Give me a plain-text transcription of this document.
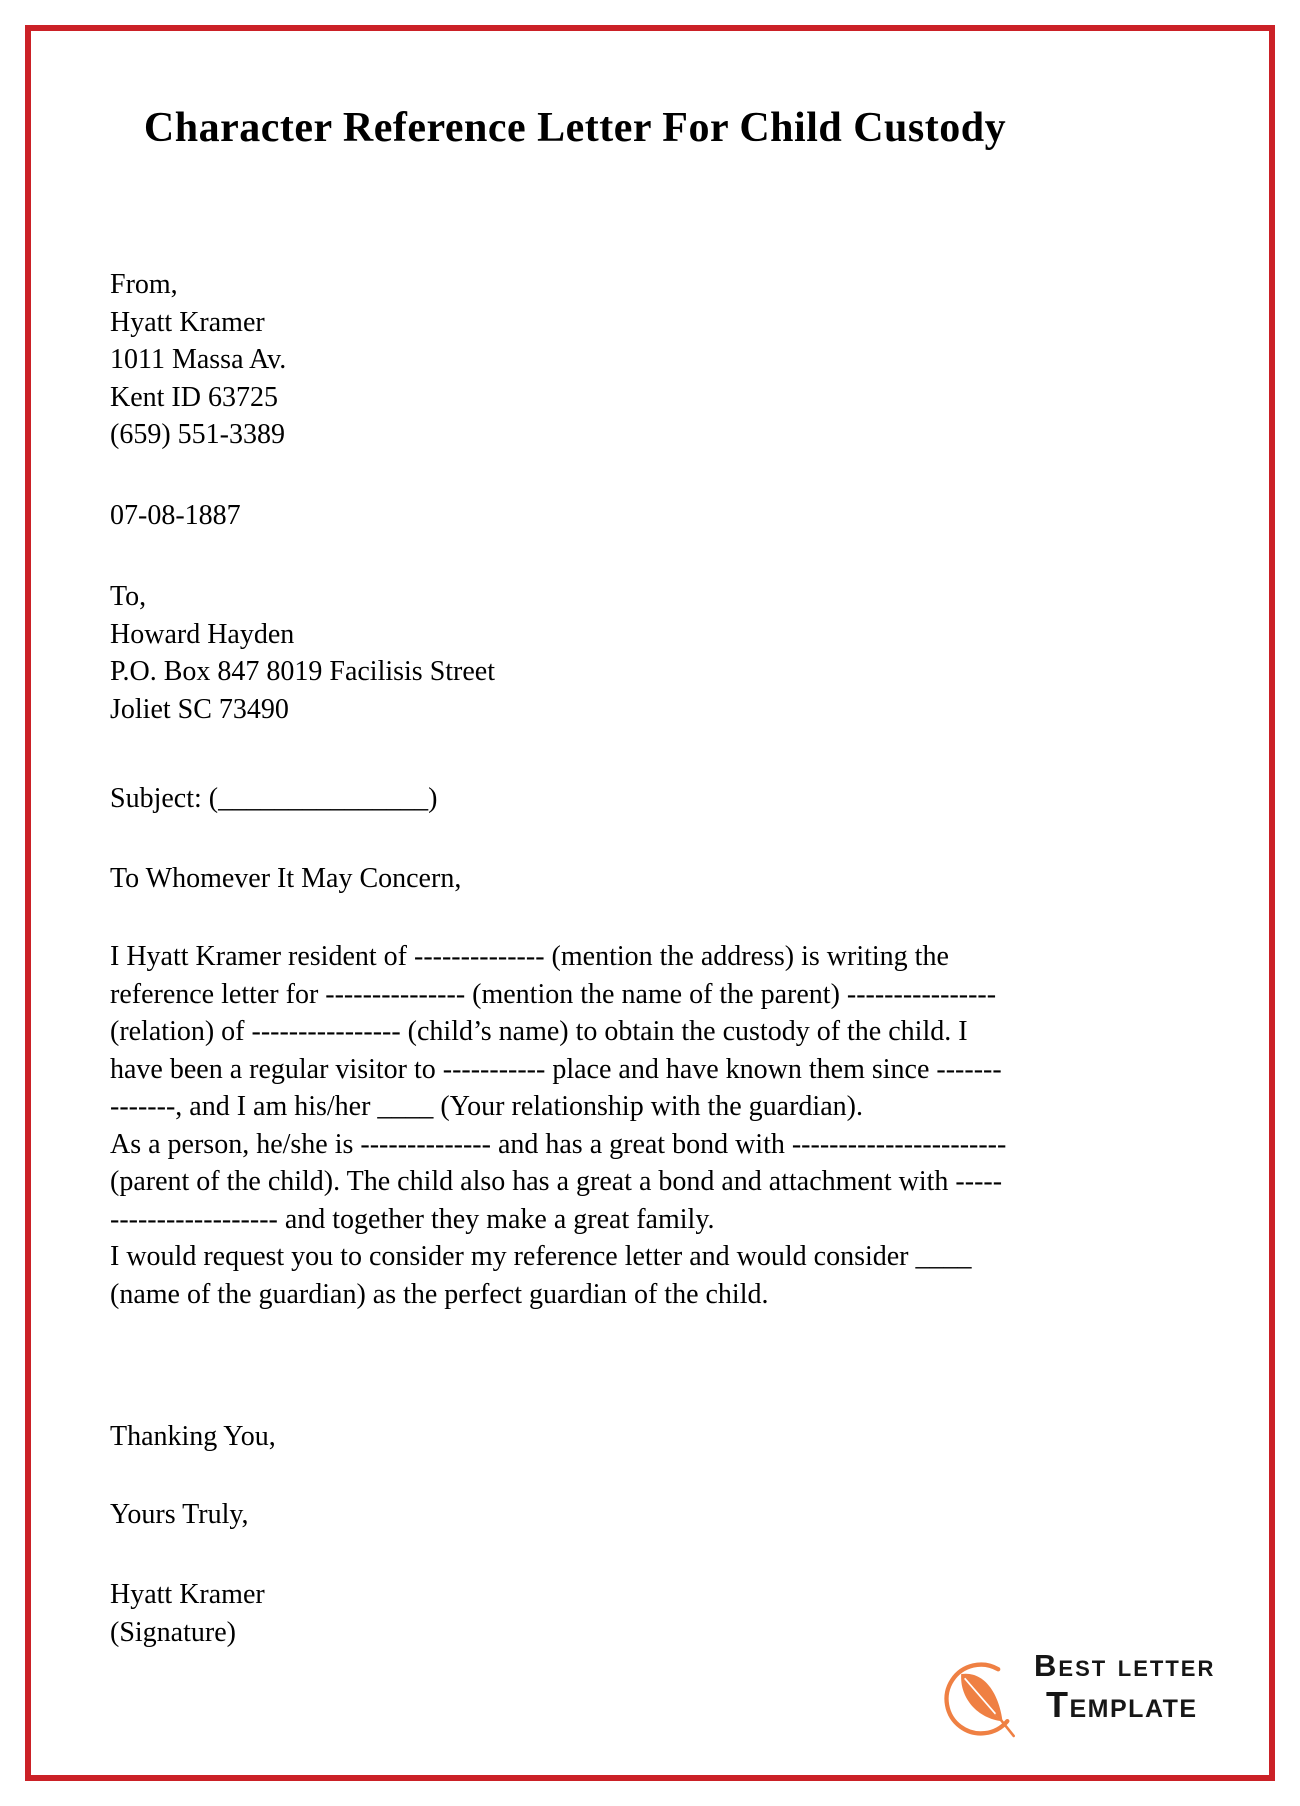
Character Reference Letter For Child Custody
From,
Hyatt Kramer
1011 Massa Av.
Kent ID 63725
(659) 551-3389
07-08-1887
To,
Howard Hayden
P.O. Box 847 8019 Facilisis Street
Joliet SC 73490
Subject: (_______________)
To Whomever It May Concern,
I Hyatt Kramer resident of -------------- (mention the address) is writing the
reference letter for --------------- (mention the name of the parent) ----------------
(relation) of ---------------- (child’s name) to obtain the custody of the child. I
have been a regular visitor to ----------- place and have known them since -------
-------, and I am his/her ____ (Your relationship with the guardian).
As a person, he/she is -------------- and has a great bond with -----------------------
(parent of the child). The child also has a great a bond and attachment with -----
------------------ and together they make a great family.
I would request you to consider my reference letter and would consider ____
(name of the guardian) as the perfect guardian of the child.
Thanking You,
Yours Truly,
Hyatt Kramer
(Signature)
Best letter
Template
